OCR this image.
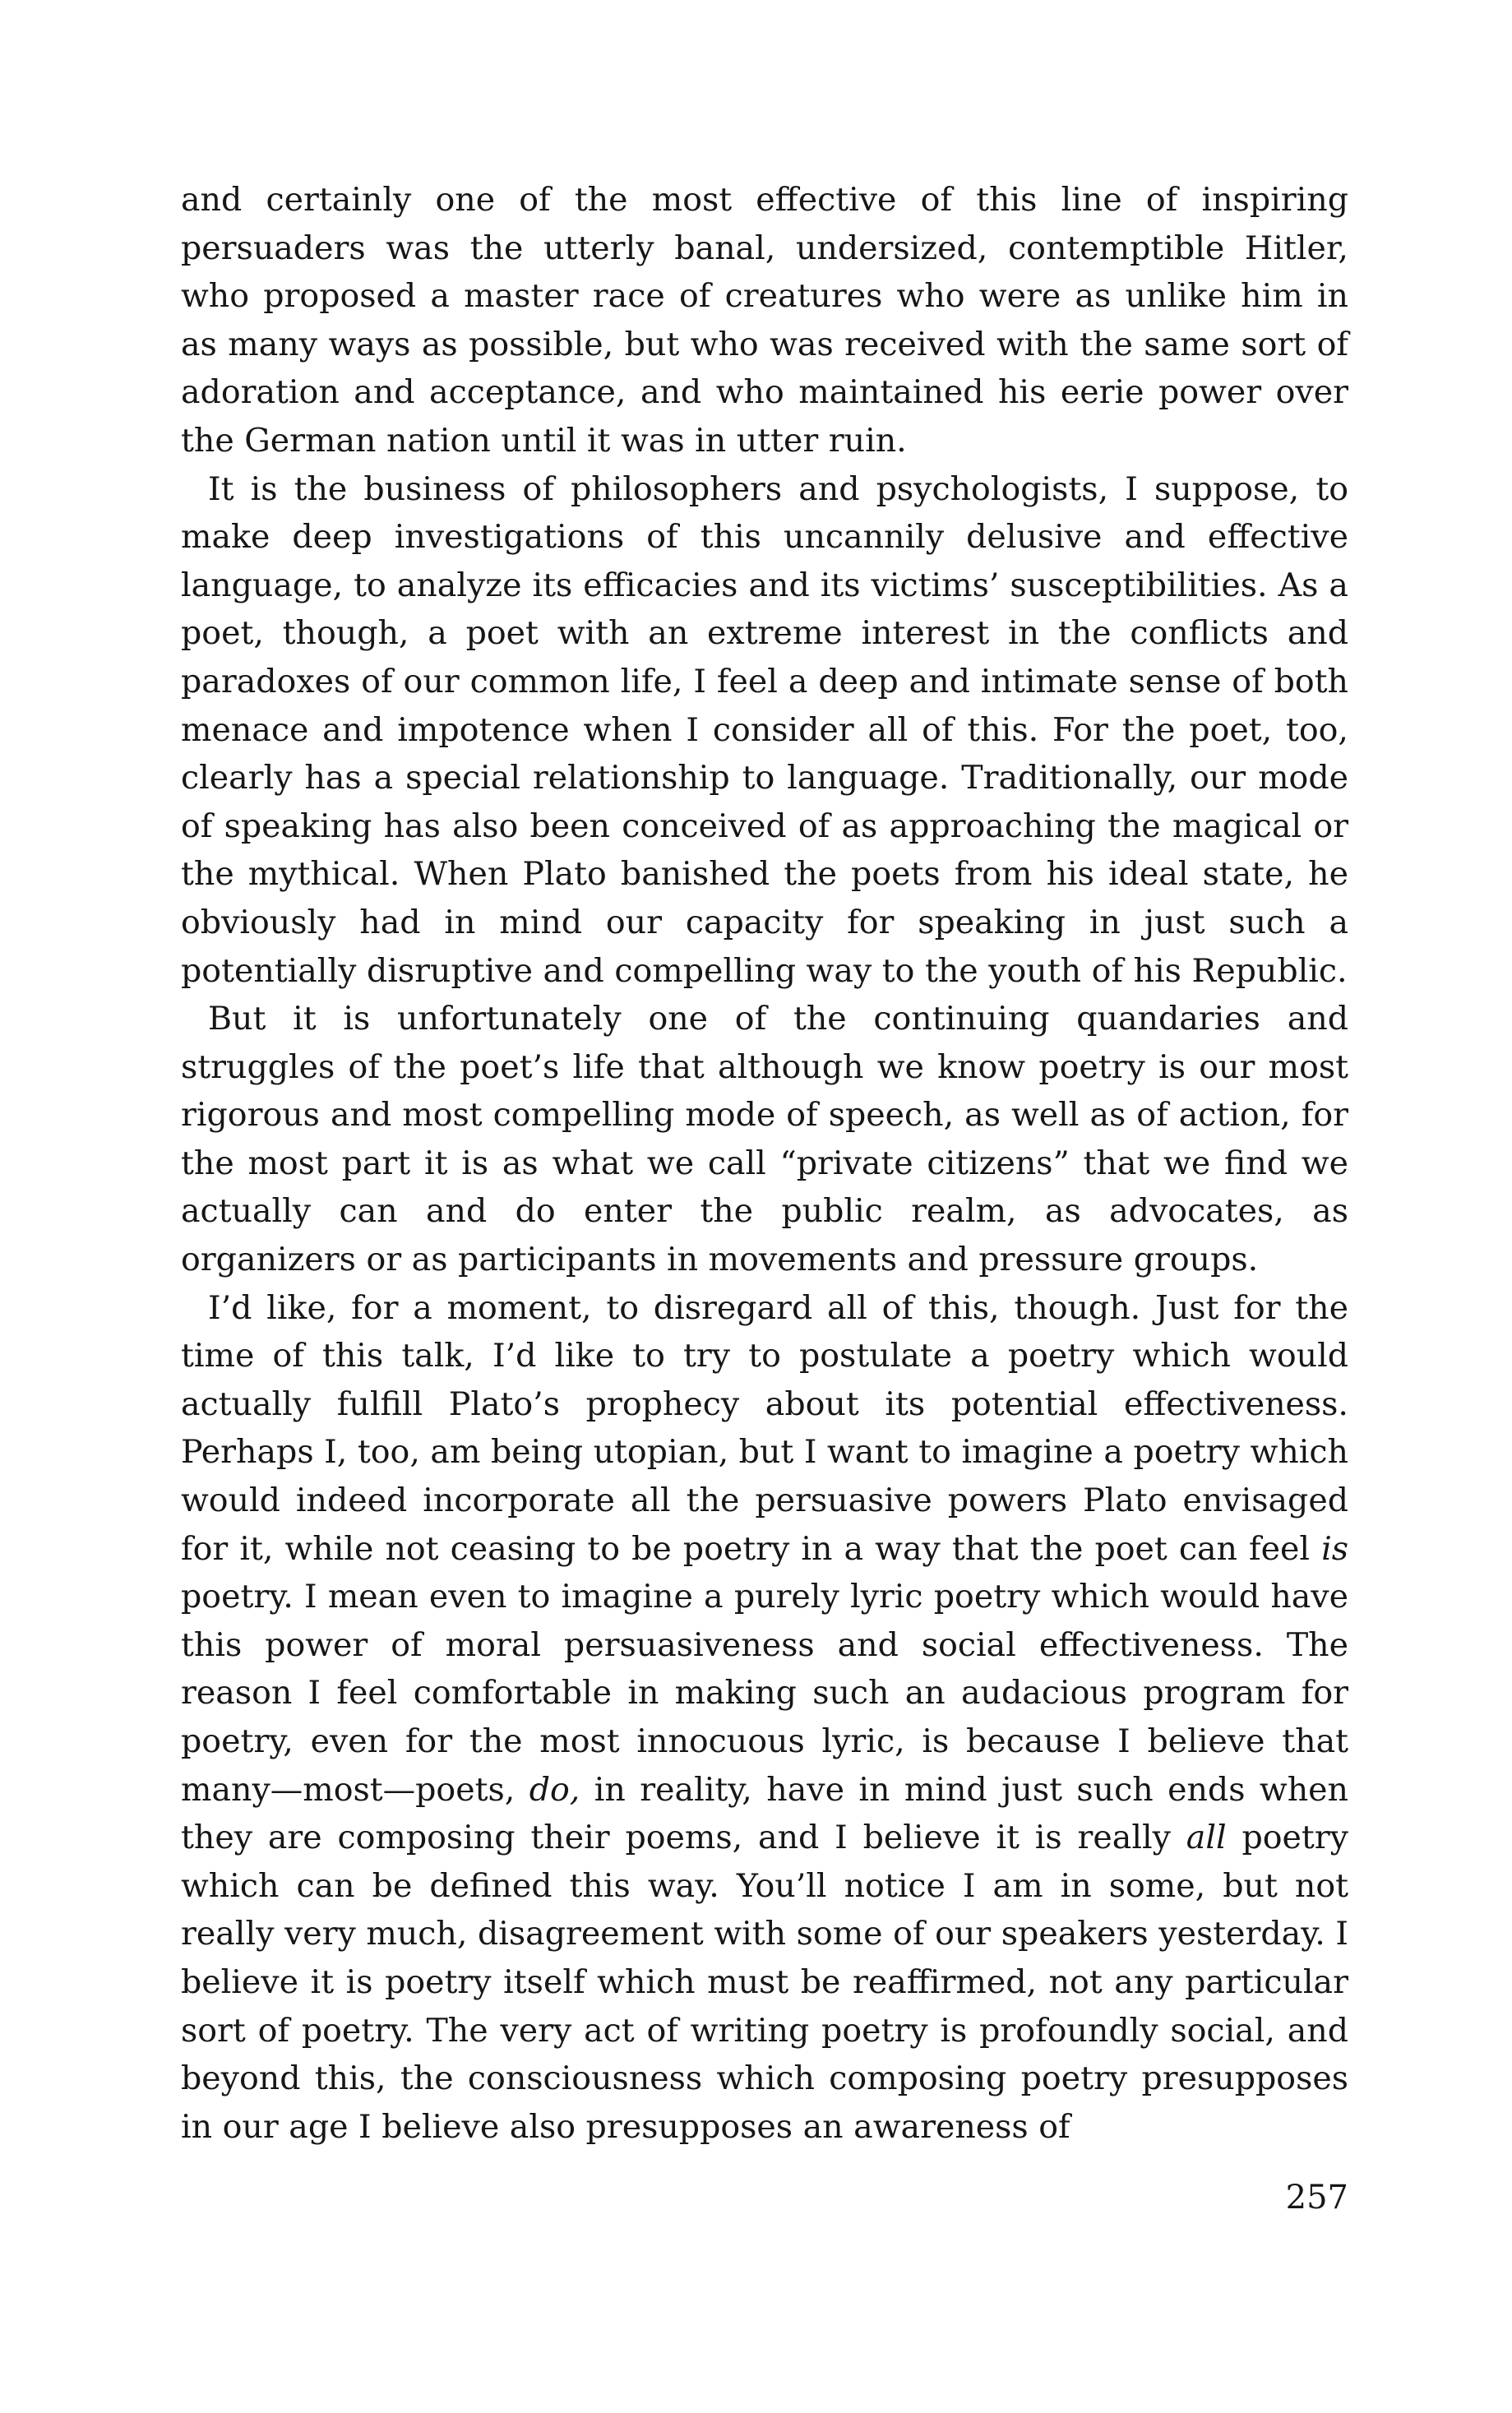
and certainly one of the most effective of this line of inspiring persuaders was the utterly banal, undersized, contemptible Hitler, who proposed a master race of creatures who were as unlike him in as many ways as possible, but who was received with the same sort of adoration and acceptance, and who maintained his eerie power over the German nation until it was in utter ruin.

It is the business of philosophers and psychologists, I suppose, to make deep investigations of this uncannily delusive and effective language, to analyze its efficacies and its victims’ susceptibilities. As a poet, though, a poet with an extreme interest in the conflicts and paradoxes of our common life, I feel a deep and intimate sense of both menace and impotence when I consider all of this. For the poet, too, clearly has a special relationship to language. Traditionally, our mode of speaking has also been conceived of as approaching the magical or the mythical. When Plato banished the poets from his ideal state, he obviously had in mind our capacity for speaking in just such a potentially disruptive and compelling way to the youth of his Republic.

But it is unfortunately one of the continuing quandaries and struggles of the poet’s life that although we know poetry is our most rigorous and most compelling mode of speech, as well as of action, for the most part it is as what we call “private citizens” that we find we actually can and do enter the public realm, as advocates, as organizers or as participants in movements and pressure groups.

I’d like, for a moment, to disregard all of this, though. Just for the time of this talk, I’d like to try to postulate a poetry which would actually fulfill Plato’s prophecy about its potential effectiveness. Perhaps I, too, am being utopian, but I want to imagine a poetry which would indeed incorporate all the persuasive powers Plato envisaged for it, while not ceasing to be poetry in a way that the poet can feel is poetry. I mean even to imagine a purely lyric poetry which would have this power of moral persuasiveness and social effectiveness. The reason I feel comfortable in making such an audacious program for poetry, even for the most innocuous lyric, is because I believe that many—most—poets, do, in reality, have in mind just such ends when they are composing their poems, and I believe it is really all poetry which can be defined this way. You’ll notice I am in some, but not really very much, disagreement with some of our speakers yesterday. I believe it is poetry itself which must be reaffirmed, not any particular sort of poetry. The very act of writing poetry is profoundly social, and beyond this, the consciousness which composing poetry presupposes in our age I believe also presupposes an awareness of

257
